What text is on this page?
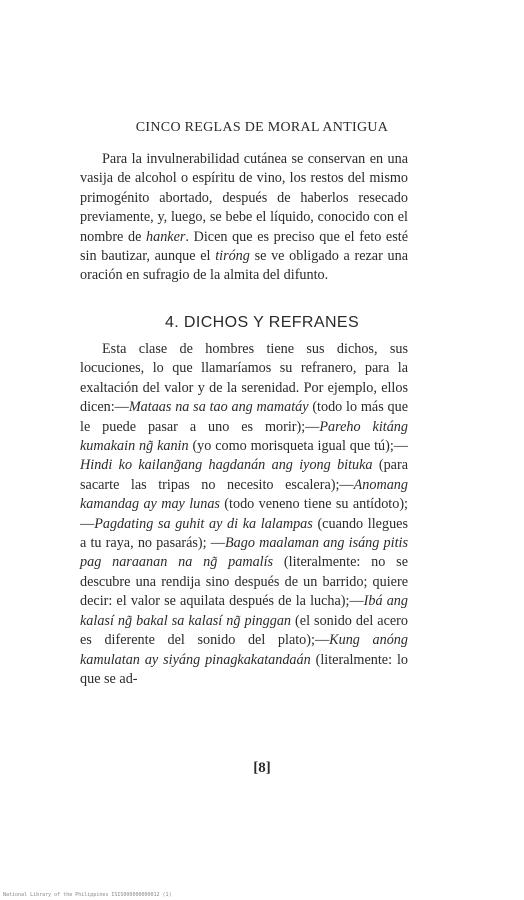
CINCO REGLAS DE MORAL ANTIGUA

Para la invulnerabilidad cutánea se conservan en una vasija de alcohol o espíritu de vino, los restos del mismo primogénito abortado, después de haberlos resecado previamente, y, luego, se bebe el líquido, conocido con el nombre de hanker. Dicen que es preciso que el feto esté sin bautizar, aunque el tiróng se ve obligado a rezar una oración en sufragio de la almita del difunto.

4. DICHOS Y REFRANES

Esta clase de hombres tiene sus dichos, sus locuciones, lo que llamaríamos su refranero, para la exaltación del valor y de la serenidad. Por ejemplo, ellos dicen:—Mataas na sa tao ang mamatáy (todo lo más que le puede pasar a uno es morir);—Pareho kitáng kumakain ng̃ kanin (yo como morisqueta igual que tú);—Hindi ko kailang̃ang hagdanán ang iyong bituka (para sacarte las tripas no necesito escalera);—Anomang kamandag ay may lunas (todo veneno tiene su antídoto);—Pagdating sa guhit ay di ka lalampas (cuando llegues a tu raya, no pasarás); —Bago maalaman ang isáng pitis pag naraanan na ng̃ pamalís (literalmente: no se descubre una rendija sino después de un barrido; quiere decir: el valor se aquilata después de la lucha);—Ibá ang kalasí ng̃ bakal sa kalasí ng̃ pinggan (el sonido del acero es diferente del sonido del plato);—Kung anóng kamulatan ay siyáng pinagkakatandaán (literalmente: lo que se ad-

[8]
National Library of the Philippines ISIS000000000012 (1)
